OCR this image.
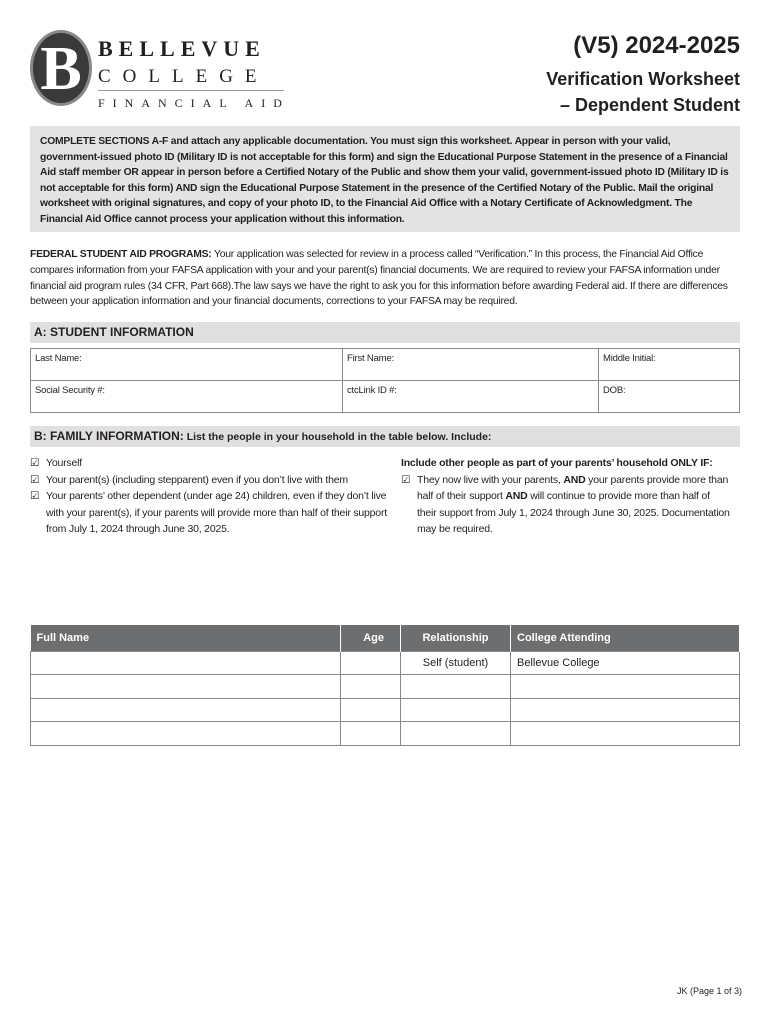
B BELLEVUE
COLLEGE
FINANCIAL AID
(V5) 2024-2025
Verification Worksheet
– Dependent Student
COMPLETE SECTIONS A-F and attach any applicable documentation. You must sign this worksheet. Appear in person with your valid, government-issued photo ID (Military ID is not acceptable for this form) and sign the Educational Purpose Statement in the presence of a Financial Aid staff member OR appear in person before a Certified Notary of the Public and show them your valid, government-issued photo ID (Military ID is not acceptable for this form) AND sign the Educational Purpose Statement in the presence of the Certified Notary of the Public. Mail the original worksheet with original signatures, and copy of your photo ID, to the Financial Aid Office with a Notary Certificate of Acknowledgment. The Financial Aid Office cannot process your application without this information.

FEDERAL STUDENT AID PROGRAMS: Your application was selected for review in a process called “Verification.” In this process, the Financial Aid Office compares information from your FAFSA application with your and your parent(s) financial documents. We are required to review your FAFSA information under financial aid program rules (34 CFR, Part 668).The law says we have the right to ask you for this information before awarding Federal aid. If there are differences between your application information and your financial documents, corrections to your FAFSA may be required.

A: STUDENT INFORMATION
Last Name:	First Name:	Middle Initial:
Social Security #:	ctcLink ID #:	DOB:
B: FAMILY INFORMATION: List the people in your household in the table below. Include:
☑ Yourself
☑ Your parent(s) (including stepparent) even if you don’t live with them
☑ Your parents’ other dependent (under age 24) children, even if they don’t live with your parent(s), if your parents will provide more than half of their support from July 1, 2024 through June 30, 2025.
Include other people as part of your parents’ household ONLY IF:
☑ They now live with your parents, AND your parents provide more than half of their support AND will continue to provide more than half of their support from July 1, 2024 through June 30, 2025. Documentation may be required.
Full Name	Age	Relationship	College Attending
		Self (student)	Bellevue College

JK (Page 1 of 3)
